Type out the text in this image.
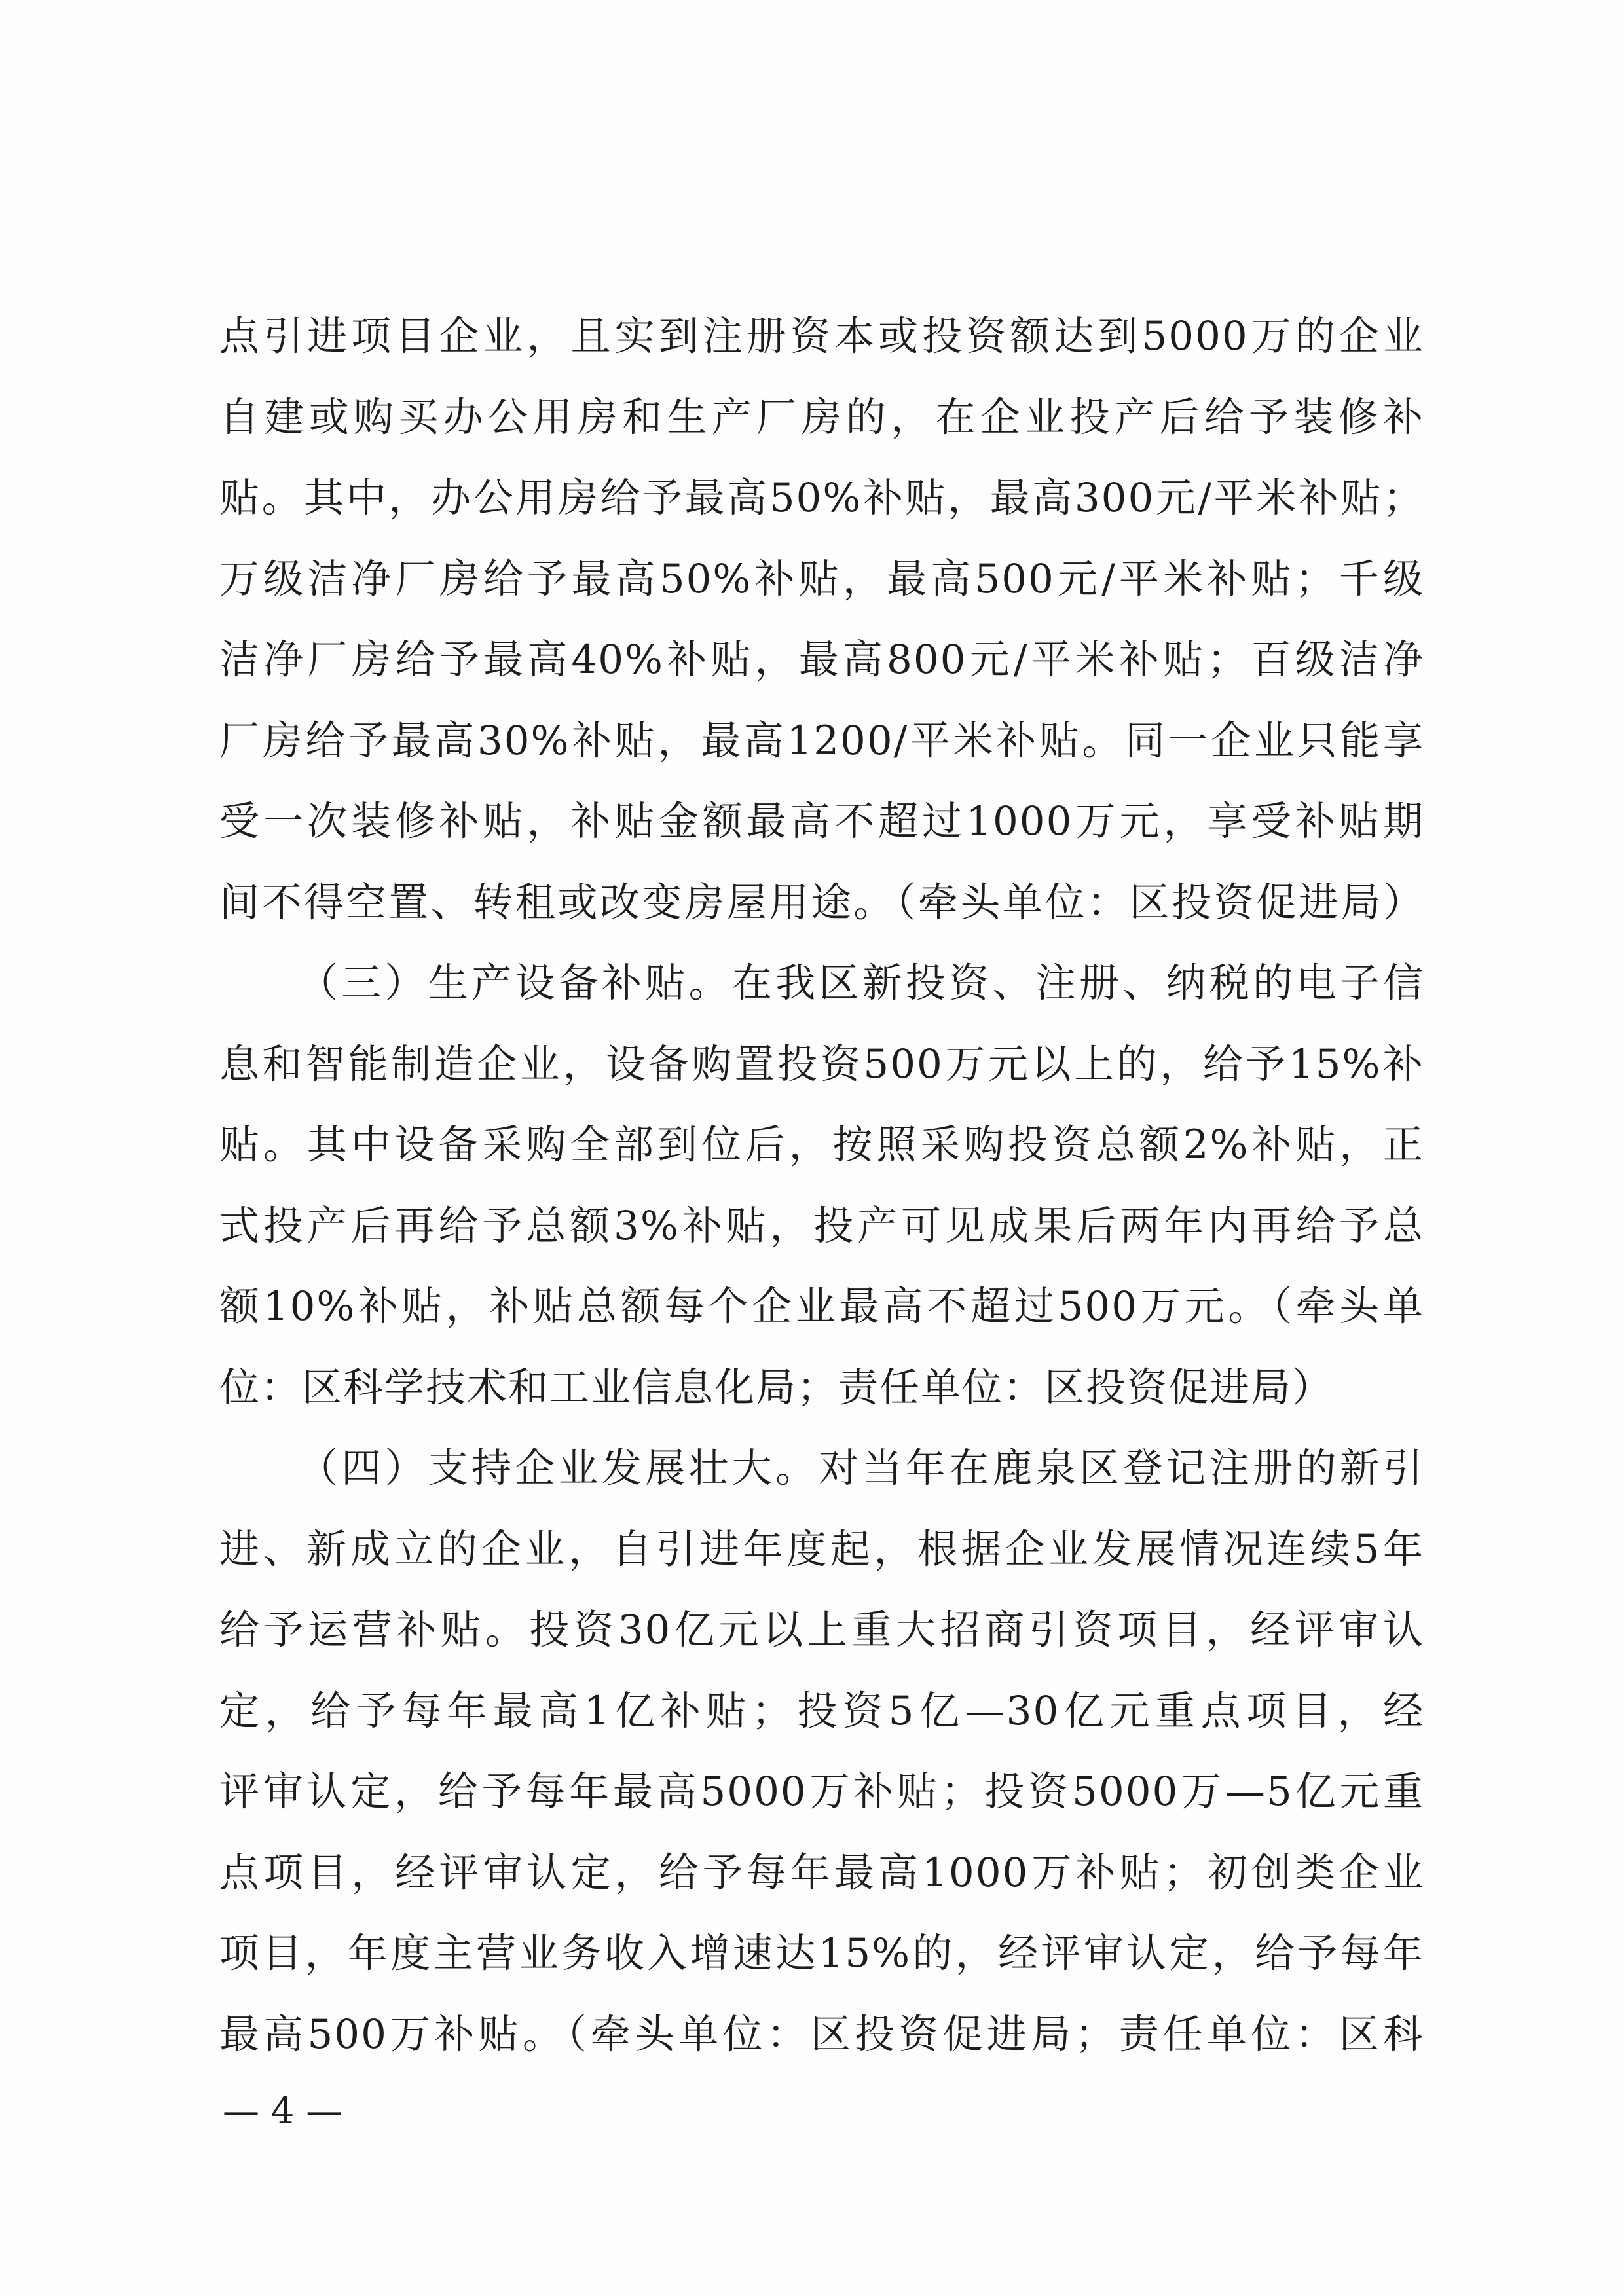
点引进项目企业，且实到注册资本或投资额达到5000万的企业
自建或购买办公用房和生产厂房的，在企业投产后给予装修补
贴。其中，办公用房给予最高50%补贴，最高300元/平米补贴；
万级洁净厂房给予最高50%补贴，最高500元/平米补贴；千级
洁净厂房给予最高40%补贴，最高800元/平米补贴；百级洁净
厂房给予最高30%补贴，最高1200/平米补贴。同一企业只能享
受一次装修补贴，补贴金额最高不超过1000万元，享受补贴期
间不得空置、转租或改变房屋用途。（牵头单位：区投资促进局）
（三）生产设备补贴。在我区新投资、注册、纳税的电子信
息和智能制造企业，设备购置投资500万元以上的，给予15%补
贴。其中设备采购全部到位后，按照采购投资总额2%补贴，正
式投产后再给予总额3%补贴，投产可见成果后两年内再给予总
额10%补贴，补贴总额每个企业最高不超过500万元。（牵头单
位：区科学技术和工业信息化局；责任单位：区投资促进局）
（四）支持企业发展壮大。对当年在鹿泉区登记注册的新引
进、新成立的企业，自引进年度起，根据企业发展情况连续5年
给予运营补贴。投资30亿元以上重大招商引资项目，经评审认
定，给予每年最高1亿补贴；投资5亿—30亿元重点项目，经
评审认定，给予每年最高5000万补贴；投资5000万—5亿元重
点项目，经评审认定，给予每年最高1000万补贴；初创类企业
项目，年度主营业务收入增速达15%的，经评审认定，给予每年
最高500万补贴。（牵头单位：区投资促进局；责任单位：区科
— 4 —
